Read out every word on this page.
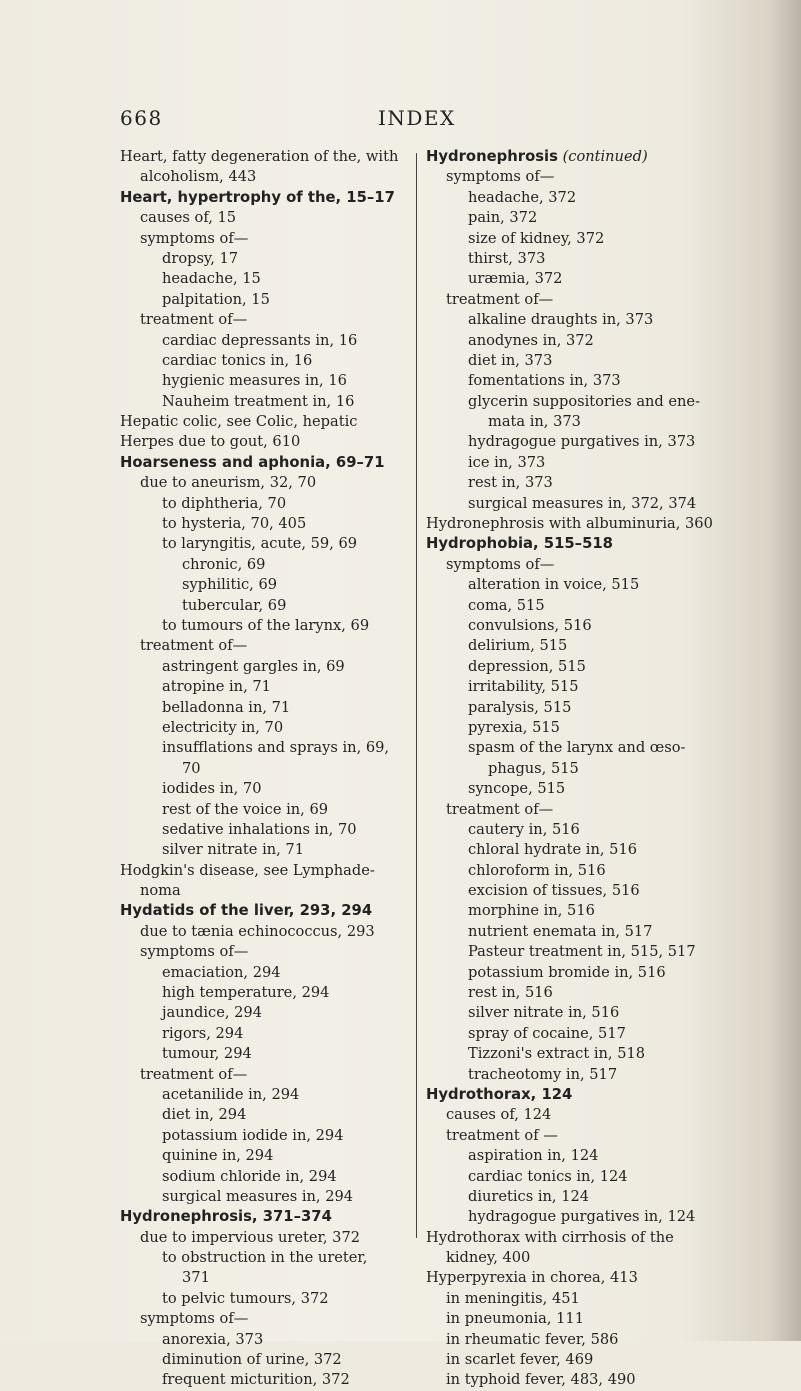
668	INDEX
Heart, fatty degeneration of the, with
alcoholism, 443
Heart, hypertrophy of the, 15–17
causes of, 15
symptoms of—
dropsy, 17
headache, 15
palpitation, 15
treatment of—
cardiac depressants in, 16
cardiac tonics in, 16
hygienic measures in, 16
Nauheim treatment in, 16
Hepatic colic, see Colic, hepatic
Herpes due to gout, 610
Hoarseness and aphonia, 69–71
due to aneurism, 32, 70
to diphtheria, 70
to hysteria, 70, 405
to laryngitis, acute, 59, 69
chronic, 69
syphilitic, 69
tubercular, 69
to tumours of the larynx, 69
treatment of—
astringent gargles in, 69
atropine in, 71
belladonna in, 71
electricity in, 70
insufflations and sprays in, 69,
70
iodides in, 70
rest of the voice in, 69
sedative inhalations in, 70
silver nitrate in, 71
Hodgkin's disease, see Lymphade-
noma
Hydatids of the liver, 293, 294
due to tænia echinococcus, 293
symptoms of—
emaciation, 294
high temperature, 294
jaundice, 294
rigors, 294
tumour, 294
treatment of—
acetanilide in, 294
diet in, 294
potassium iodide in, 294
quinine in, 294
sodium chloride in, 294
surgical measures in, 294
Hydronephrosis, 371–374
due to impervious ureter, 372
to obstruction in the ureter,
371
to pelvic tumours, 372
symptoms of—
anorexia, 373
diminution of urine, 372
frequent micturition, 372
Hydronephrosis (continued)
symptoms of—
headache, 372
pain, 372
size of kidney, 372
thirst, 373
uræmia, 372
treatment of—
alkaline draughts in, 373
anodynes in, 372
diet in, 373
fomentations in, 373
glycerin suppositories and ene-
mata in, 373
hydragogue purgatives in, 373
ice in, 373
rest in, 373
surgical measures in, 372, 374
Hydronephrosis with albuminuria, 360
Hydrophobia, 515–518
symptoms of—
alteration in voice, 515
coma, 515
convulsions, 516
delirium, 515
depression, 515
irritability, 515
paralysis, 515
pyrexia, 515
spasm of the larynx and œso-
phagus, 515
syncope, 515
treatment of—
cautery in, 516
chloral hydrate in, 516
chloroform in, 516
excision of tissues, 516
morphine in, 516
nutrient enemata in, 517
Pasteur treatment in, 515, 517
potassium bromide in, 516
rest in, 516
silver nitrate in, 516
spray of cocaine, 517
Tizzoni's extract in, 518
tracheotomy in, 517
Hydrothorax, 124
causes of, 124
treatment of —
aspiration in, 124
cardiac tonics in, 124
diuretics in, 124
hydragogue purgatives in, 124
Hydrothorax with cirrhosis of the
kidney, 400
Hyperpyrexia in chorea, 413
in meningitis, 451
in pneumonia, 111
in rheumatic fever, 586
in scarlet fever, 469
in typhoid fever, 483, 490
